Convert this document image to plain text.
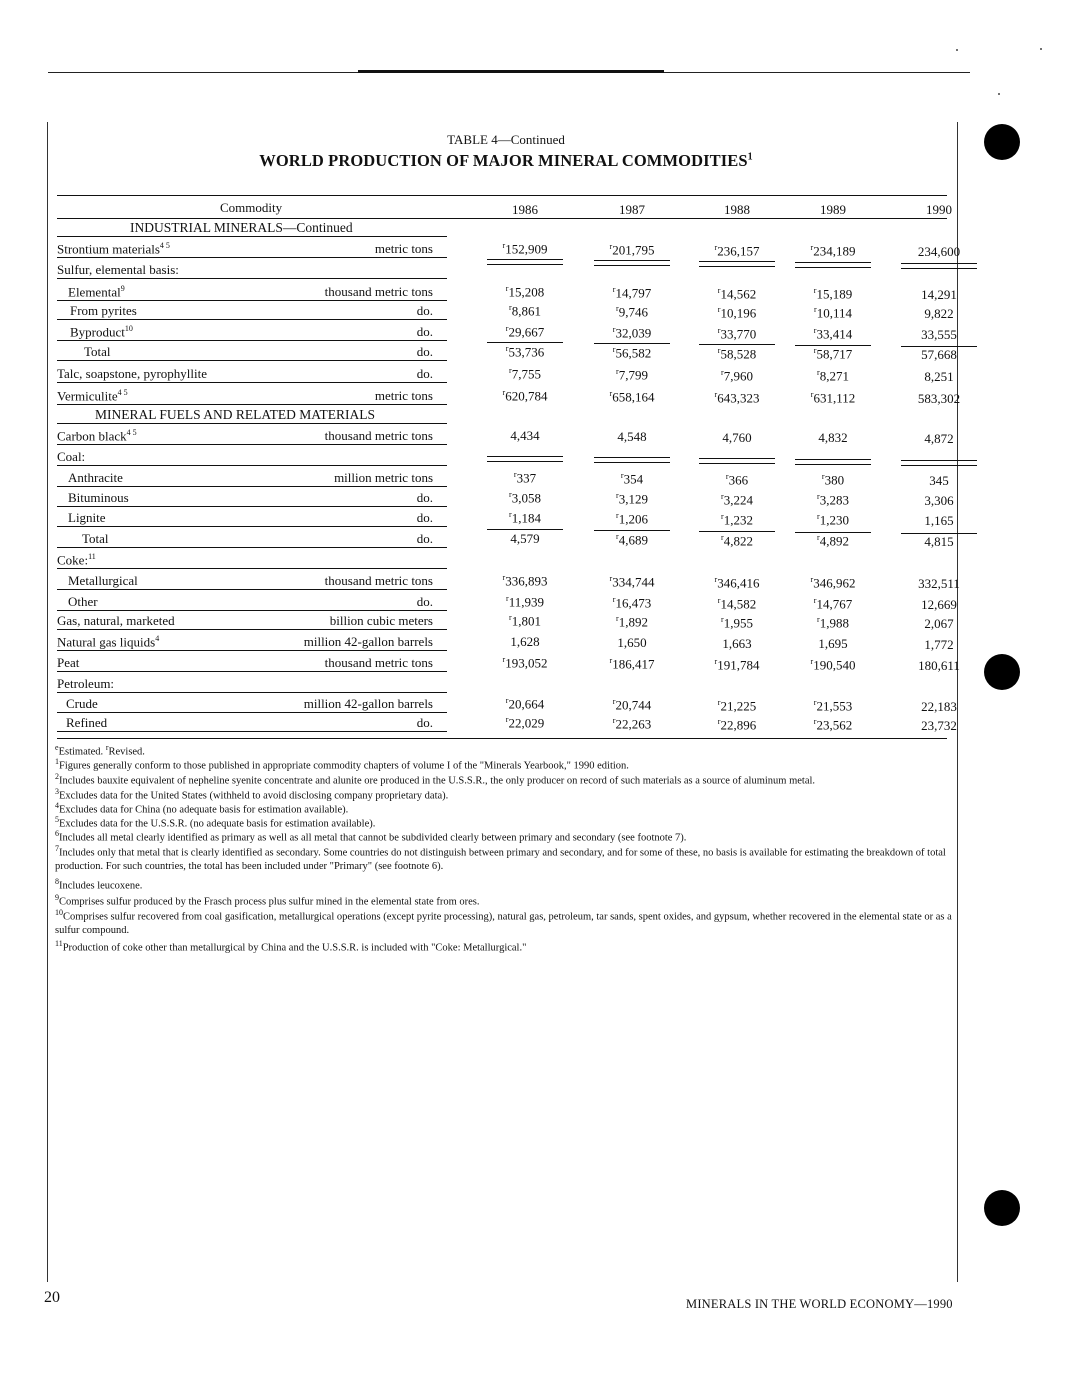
TABLE 4—Continued
WORLD PRODUCTION OF MAJOR MINERAL COMMODITIES$^1$
Commodity	1986	1987	1988	1989	1990
INDUSTRIAL MINERALS—Continued
MINERAL FUELS AND RELATED MATERIALS
Strontium materials$^{4 5}$	metric tons	$^r$152,909	$^r$201,795	$^r$236,157	$^r$234,189	234,600
Sulfur, elemental basis:
Elemental$^9$	thousand metric tons	$^r$15,208	$^r$14,797	$^r$14,562	$^r$15,189	14,291
From pyrites	do.	$^r$8,861	$^r$9,746	$^r$10,196	$^r$10,114	9,822
Byproduct$^{10}$	do.	$^r$29,667	$^r$32,039	$^r$33,770	$^r$33,414	33,555
Total	do.	$^r$53,736	$^r$56,582	$^r$58,528	$^r$58,717	57,668
Talc, soapstone, pyrophyllite	do.	$^r$7,755	$^r$7,799	$^r$7,960	$^r$8,271	8,251
Vermiculite$^{4 5}$	metric tons	$^r$620,784	$^r$658,164	$^r$643,323	$^r$631,112	583,302
Carbon black$^{4 5}$	thousand metric tons	4,434	4,548	4,760	4,832	4,872
Coal:
Anthracite	million metric tons	$^r$337	$^r$354	$^r$366	$^r$380	345
Bituminous	do.	$^r$3,058	$^r$3,129	$^r$3,224	$^r$3,283	3,306
Lignite	do.	$^r$1,184	$^r$1,206	$^r$1,232	$^r$1,230	1,165
Total	do.	4,579	$^r$4,689	$^r$4,822	$^r$4,892	4,815
Coke:$^{11}$
Metallurgical	thousand metric tons	$^r$336,893	$^r$334,744	$^r$346,416	$^r$346,962	332,511
Other	do.	$^r$11,939	$^r$16,473	$^r$14,582	$^r$14,767	12,669
Gas, natural, marketed	billion cubic meters	$^r$1,801	$^r$1,892	$^r$1,955	$^r$1,988	2,067
Natural gas liquids$^4$	million 42-gallon barrels	1,628	1,650	1,663	1,695	1,772
Peat	thousand metric tons	$^r$193,052	$^r$186,417	$^r$191,784	$^r$190,540	180,611
Petroleum:
Crude	million 42-gallon barrels	$^r$20,664	$^r$20,744	$^r$21,225	$^r$21,553	22,183
Refined	do.	$^r$22,029	$^r$22,263	$^r$22,896	$^r$23,562	23,732
$^e$Estimated. $^r$Revised.
$^1$Figures generally conform to those published in appropriate commodity chapters of volume I of the "Minerals Yearbook," 1990 edition.
$^2$Includes bauxite equivalent of nepheline syenite concentrate and alunite ore produced in the U.S.S.R., the only producer on record of such materials as a source of aluminum metal.
$^3$Excludes data for the United States (withheld to avoid disclosing company proprietary data).
$^4$Excludes data for China (no adequate basis for estimation available).
$^5$Excludes data for the U.S.S.R. (no adequate basis for estimation available).
$^6$Includes all metal clearly identified as primary as well as all metal that cannot be subdivided clearly between primary and secondary (see footnote 7).
$^7$Includes only that metal that is clearly identified as secondary. Some countries do not distinguish between primary and secondary, and for some of these, no basis is available for estimating the breakdown of total production. For such countries, the total has been included under "Primary" (see footnote 6).
$^8$Includes leucoxene.
$^9$Comprises sulfur produced by the Frasch process plus sulfur mined in the elemental state from ores.
$^{10}$Comprises sulfur recovered from coal gasification, metallurgical operations (except pyrite processing), natural gas, petroleum, tar sands, spent oxides, and gypsum, whether recovered in the elemental state or as a sulfur compound.
$^{11}$Production of coke other than metallurgical by China and the U.S.S.R. is included with "Coke: Metallurgical."
20	MINERALS IN THE WORLD ECONOMY—1990
